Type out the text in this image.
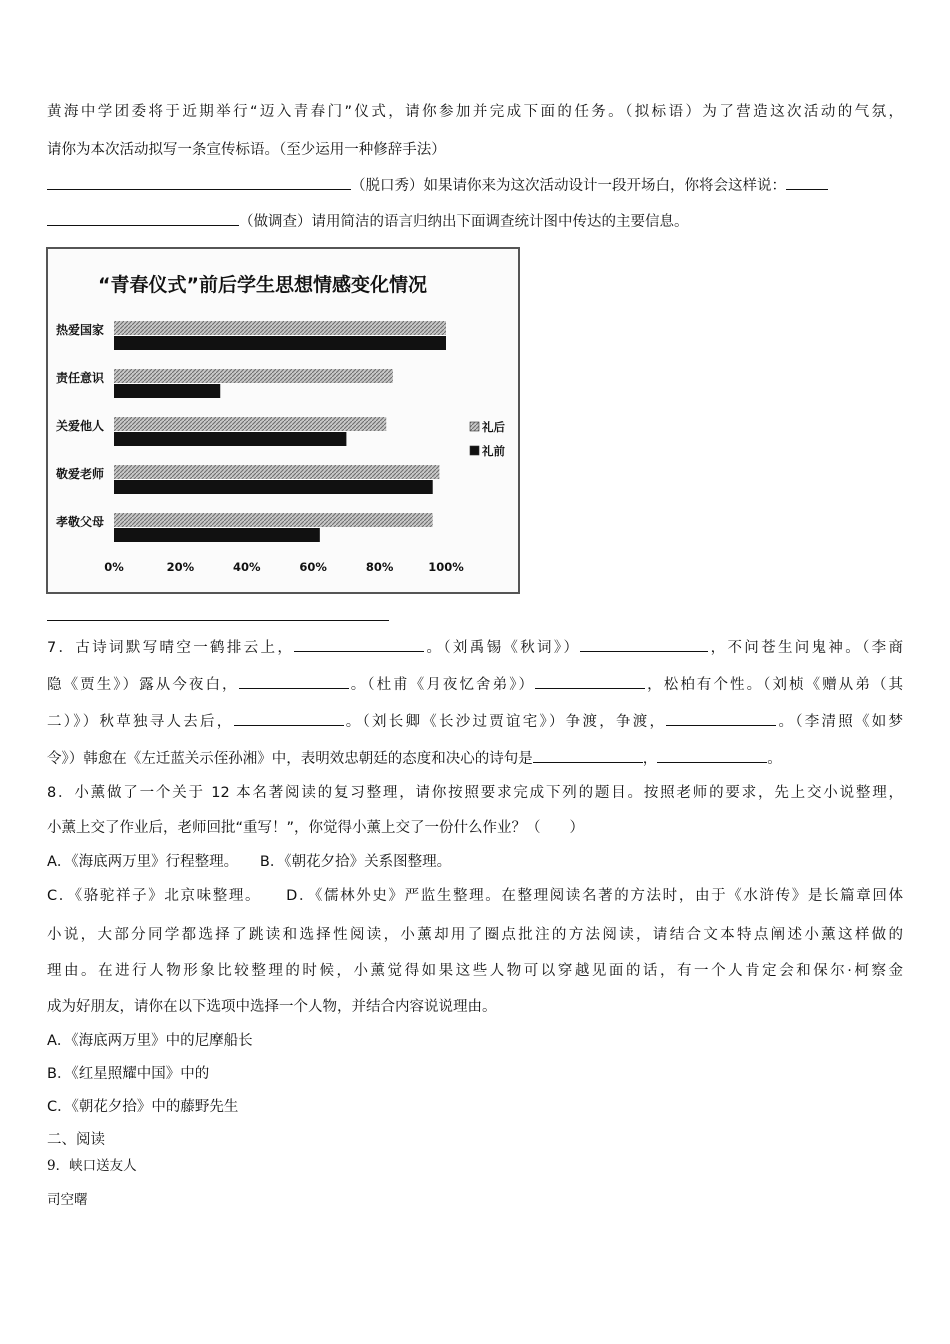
黄海中学团委将于近期举行“迈入青春门”仪式，请你参加并完成下面的任务。（拟标语）为了营造这次活动的气氛，
请你为本次活动拟写一条宣传标语。（至少运用一种修辞手法）
（脱口秀）如果请你来为这次活动设计一段开场白，你将会这样说：
（做调查）请用简洁的语言归纳出下面调查统计图中传达的主要信息。
“青春仪式”前后学生思想情感变化情况
热爱国家
责任意识
关爱他人
敬爱老师
孝敬父母
0%	20%	40%	60%	80%	100%
礼后
礼前
7．古诗词默写晴空一鹤排云上，	。（刘禹锡《秋词》）	，不问苍生问鬼神。（李商
隐《贾生》）露从今夜白，	。（杜甫《月夜忆舍弟》）	，松柏有个性。（刘桢《赠从弟（其
二）》）秋草独寻人去后，	。（刘长卿《长沙过贾谊宅》）争渡，争渡，	。（李清照《如梦
令》）韩愈在《左迁蓝关示侄孙湘》中，表明效忠朝廷的态度和决心的诗句是	，	。
8．小薰做了一个关于 12 本名著阅读的复习整理，请你按照要求完成下列的题目。按照老师的要求，先上交小说整理，
小薰上交了作业后，老师回批“重写！”，你觉得小薰上交了一份什么作业？（　　）
A．《海底两万里》行程整理。　　B．《朝花夕拾》关系图整理。
C．《骆驼祥子》北京味整理。　　D．《儒林外史》严监生整理。在整理阅读名著的方法时，由于《水浒传》是长篇章回体
小说，大部分同学都选择了跳读和选择性阅读，小薰却用了圈点批注的方法阅读，请结合文本特点阐述小薰这样做的
理由。在进行人物形象比较整理的时候，小薰觉得如果这些人物可以穿越见面的话，有一个人肯定会和保尔·柯察金
成为好朋友，请你在以下选项中选择一个人物，并结合内容说说理由。
A．《海底两万里》中的尼摩船长
B．《红星照耀中国》中的
C．《朝花夕拾》中的藤野先生
二、阅读
9．峡口送友人
司空曙
